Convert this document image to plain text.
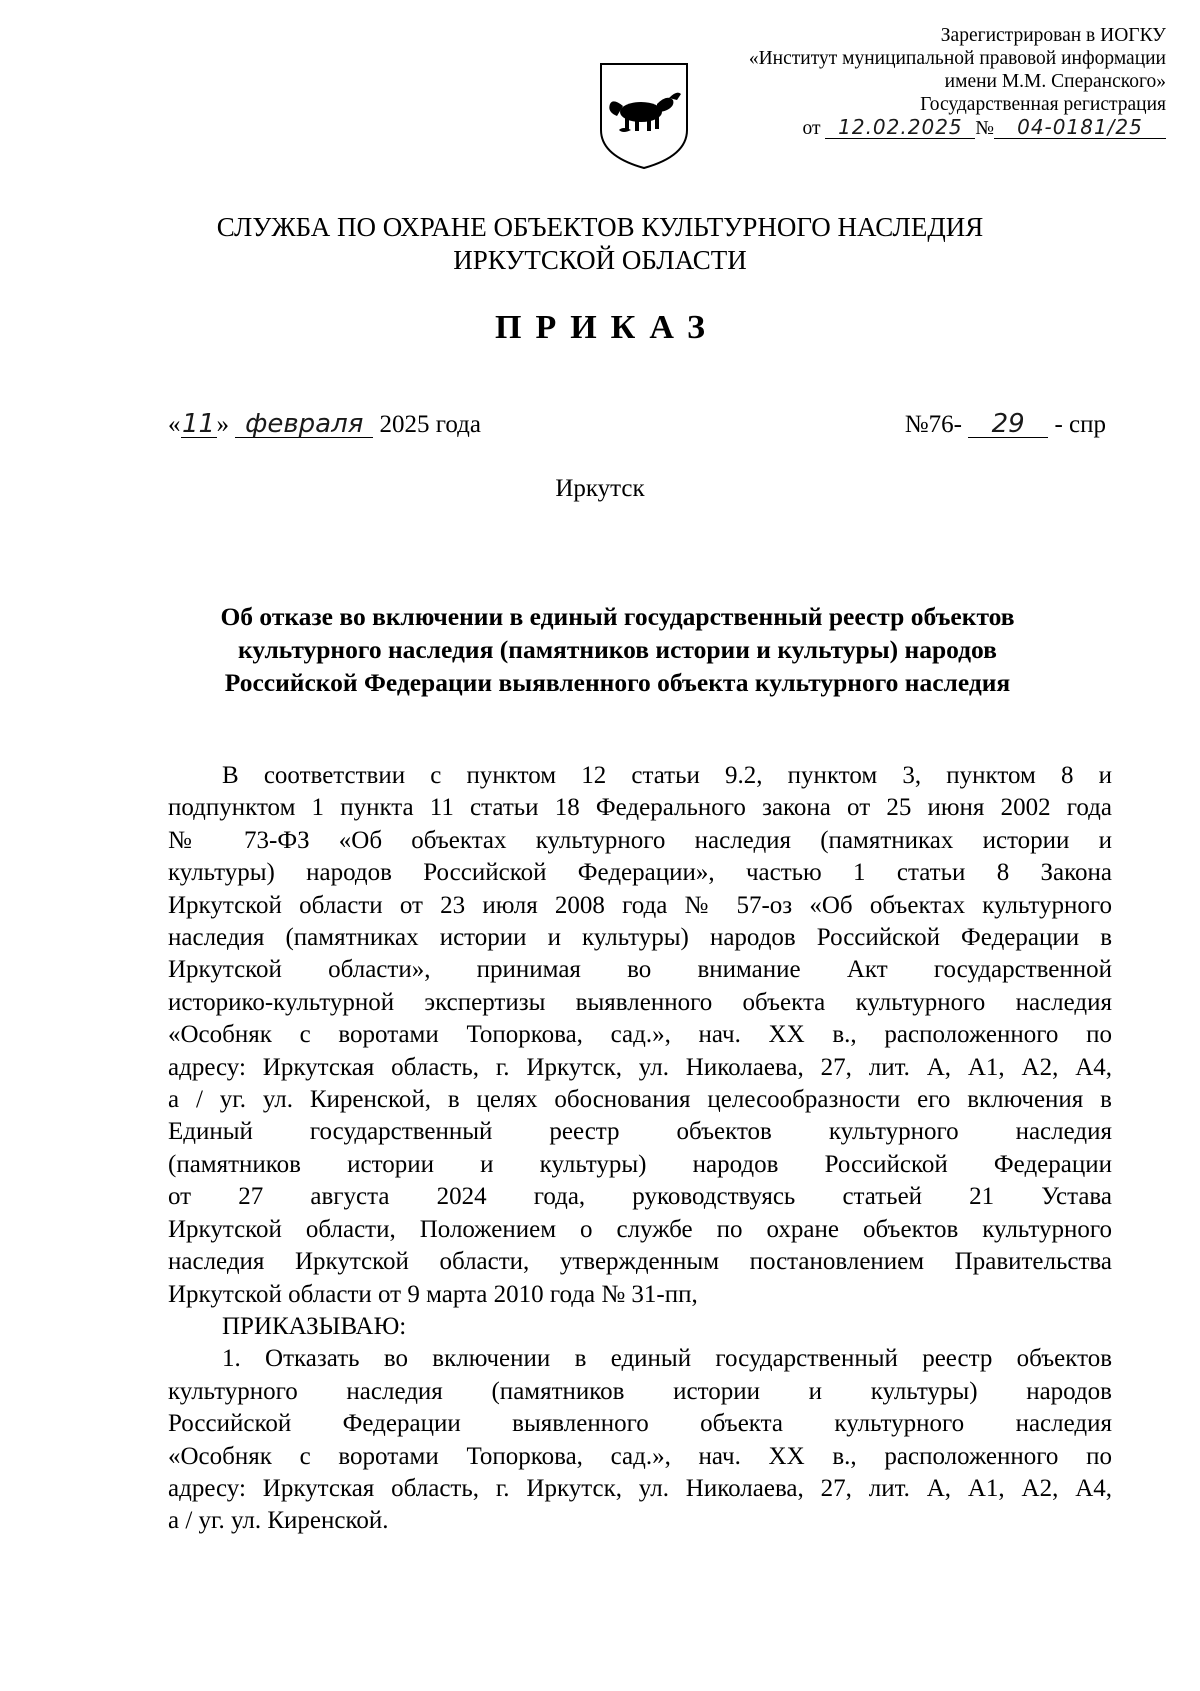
Зарегистрирован в ИОГКУ
«Институт муниципальной правовой информации
имени М.М. Сперанского»
Государственная регистрация
от 12.02.2025 № 04-0181/25
СЛУЖБА ПО ОХРАНЕ ОБЪЕКТОВ КУЛЬТУРНОГО НАСЛЕДИЯ
ИРКУТСКОЙ ОБЛАСТИ
ПРИКАЗ
«11» февраля 2025 года	№76- 29 - спр
Иркутск
Об отказе во включении в единый государственный реестр объектов
культурного наследия (памятников истории и культуры) народов
Российской Федерации выявленного объекта культурного наследия
В соответствии с пунктом 12 статьи 9.2, пунктом 3, пунктом 8 и
подпунктом 1 пункта 11 статьи 18 Федерального закона от 25 июня 2002 года
№ 73-ФЗ «Об объектах культурного наследия (памятниках истории и
культуры) народов Российской Федерации», частью 1 статьи 8 Закона
Иркутской области от 23 июля 2008 года № 57-оз «Об объектах культурного
наследия (памятниках истории и культуры) народов Российской Федерации в
Иркутской области», принимая во внимание Акт государственной
историко-культурной экспертизы выявленного объекта культурного наследия
«Особняк с воротами Топоркова, сад.», нач. XX в., расположенного по
адресу: Иркутская область, г. Иркутск, ул. Николаева, 27, лит. А, А1, А2, А4,
а / уг. ул. Киренской, в целях обоснования целесообразности его включения в
Единый государственный реестр объектов культурного наследия
(памятников истории и культуры) народов Российской Федерации
от 27 августа 2024 года, руководствуясь статьей 21 Устава
Иркутской области, Положением о службе по охране объектов культурного
наследия Иркутской области, утвержденным постановлением Правительства
Иркутской области от 9 марта 2010 года № 31-пп,
ПРИКАЗЫВАЮ:
1. Отказать во включении в единый государственный реестр объектов
культурного наследия (памятников истории и культуры) народов
Российской Федерации выявленного объекта культурного наследия
«Особняк с воротами Топоркова, сад.», нач. XX в., расположенного по
адресу: Иркутская область, г. Иркутск, ул. Николаева, 27, лит. А, А1, А2, А4,
а / уг. ул. Киренской.
